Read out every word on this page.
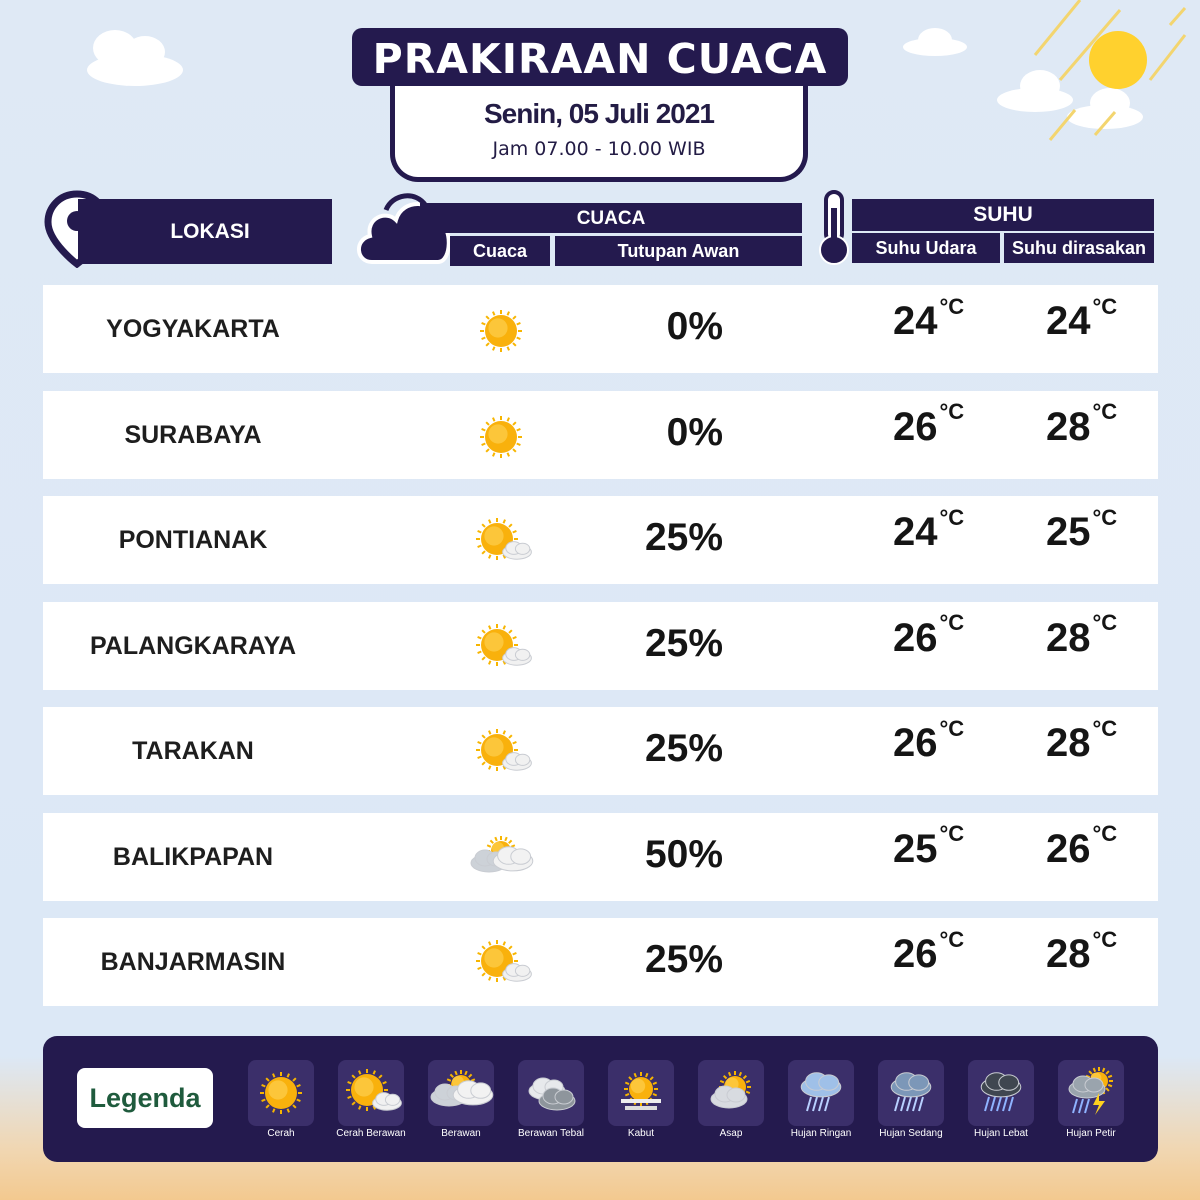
Senin, 05 Juli 2021
Jam 07.00 - 10.00 WIB
PRAKIRAAN CUACA
LOKASI
CUACA
Cuaca	Tutupan Awan
SUHU
Suhu Udara	Suhu dirasakan
YOGYAKARTA	0%	$24^{^\circ C}$ $24^{^\circ C}$
SURABAYA	0%	$26^{^\circ C}$ $28^{^\circ C}$
PONTIANAK	25%	$24^{^\circ C}$ $25^{^\circ C}$
PALANGKARAYA	25%	$26^{^\circ C}$ $28^{^\circ C}$
TARAKAN	25%	$26^{^\circ C}$ $28^{^\circ C}$
BALIKPAPAN	50%	$25^{^\circ C}$ $26^{^\circ C}$
BANJARMASIN	25%	$26^{^\circ C}$ $28^{^\circ C}$
Legenda
Cerah	Cerah Berawan	Berawan	Berawan Tebal	Kabut	Asap	Hujan Ringan	Hujan Sedang	Hujan Lebat	Hujan Petir
